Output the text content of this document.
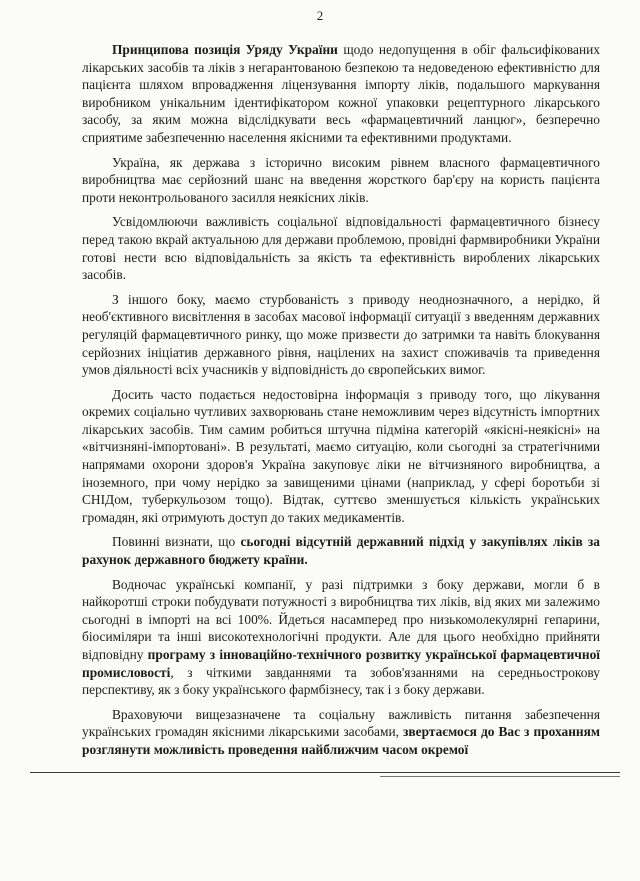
2

Принципова позиція Уряду України щодо недопущення в обіг фальсифікованих лікарських засобів та ліків з негарантованою безпекою та недоведеною ефективністю для пацієнта шляхом впровадження ліцензування імпорту ліків, подальшого маркування виробником унікальним ідентифікатором кожної упаковки рецептурного лікарського засобу, за яким можна відслідкувати весь «фармацевтичний ланцюг», безперечно сприятиме забезпеченню населення якісними та ефективними продуктами.

Україна, як держава з історично високим рівнем власного фармацевтичного виробництва має серйозний шанс на введення жорсткого бар'єру на користь пацієнта проти неконтрольованого засилля неякісних ліків.

Усвідомлюючи важливість соціальної відповідальності фармацевтичного бізнесу перед такою вкрай актуальною для держави проблемою, провідні фармвиробники України готові нести всю відповідальність за якість та ефективність вироблених лікарських засобів.

З іншого боку, маємо стурбованість з приводу неоднозначного, а нерідко, й необ'єктивного висвітлення в засобах масової інформації ситуації з введенням державних регуляцій фармацевтичного ринку, що може призвести до затримки та навіть блокування серйозних ініціатив державного рівня, націлених на захист споживачів та приведення умов діяльності всіх учасників у відповідність до європейських вимог.

Досить часто подається недостовірна інформація з приводу того, що лікування окремих соціально чутливих захворювань стане неможливим через відсутність імпортних лікарських засобів. Тим самим робиться штучна підміна категорій «якісні-неякісні» на «вітчизняні-імпортовані». В результаті, маємо ситуацію, коли сьогодні за стратегічними напрямами охорони здоров'я Україна закуповує ліки не вітчизняного виробництва, а іноземного, при чому нерідко за завищеними цінами (наприклад, у сфері боротьби зі СНІДом, туберкульозом тощо). Відтак, суттєво зменшується кількість українських громадян, які отримують доступ до таких медикаментів.

Повинні визнати, що сьогодні відсутній державний підхід у закупівлях ліків за рахунок державного бюджету країни.

Водночас українські компанії, у разі підтримки з боку держави, могли б в найкоротші строки побудувати потужності з виробництва тих ліків, від яких ми залежимо сьогодні в імпорті на всі 100%. Йдеться насамперед про низькомолекулярні гепарини, біосиміляри та інші високотехнологічні продукти. Але для цього необхідно прийняти відповідну програму з інноваційно-технічного розвитку української фармацевтичної промисловості, з чіткими завданнями та зобов'язаннями на середньострокову перспективу, як з боку українського фармбізнесу, так і з боку держави.

Враховуючи вищезазначене та соціальну важливість питання забезпечення українських громадян якісними лікарськими засобами, звертаємося до Вас з проханням розглянути можливість проведення найближчим часом окремої
